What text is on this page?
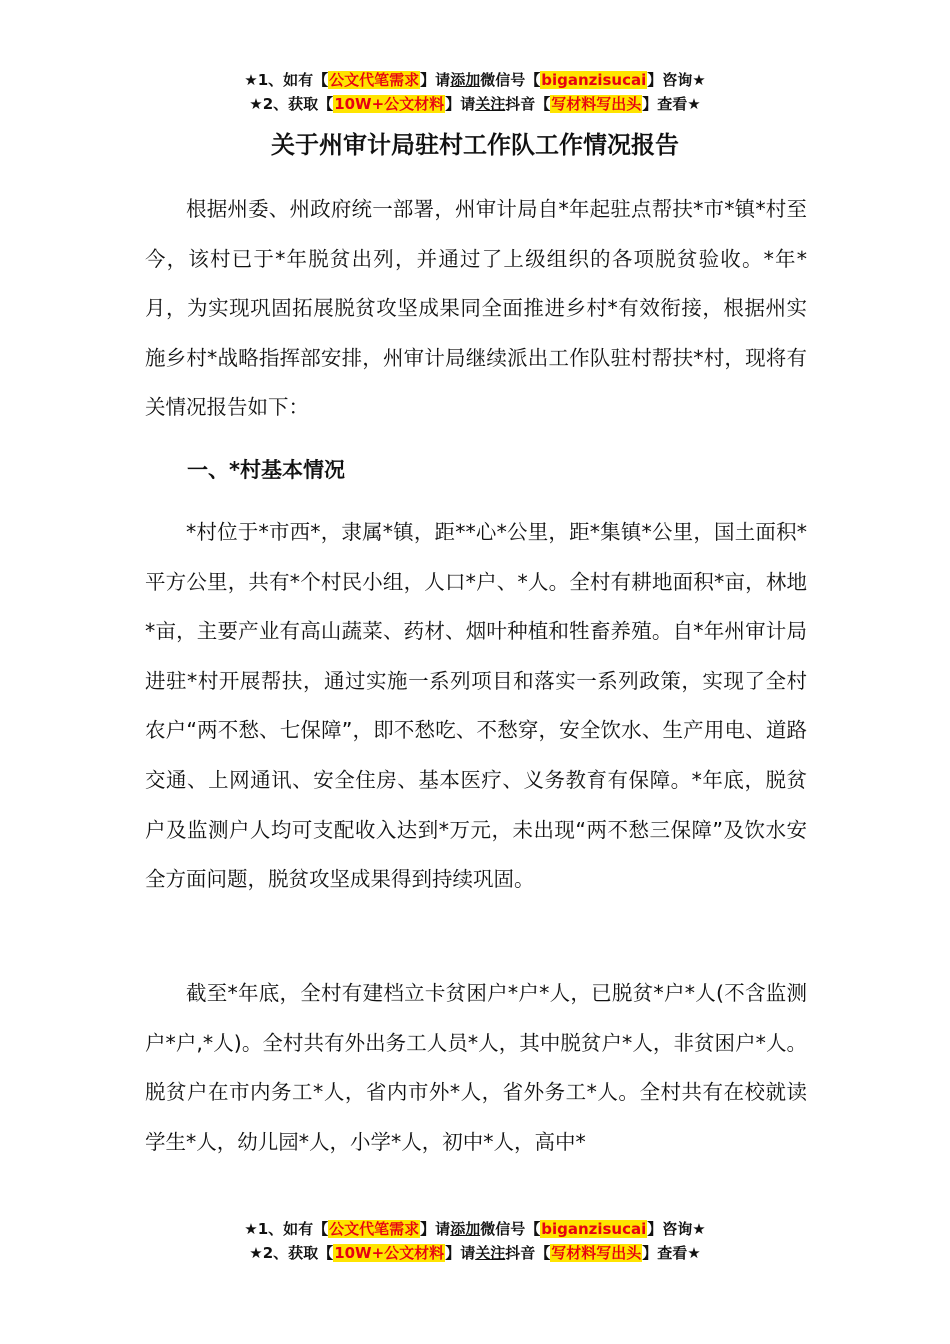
★1、如有【公文代笔需求】请添加微信号【biganzisucai】咨询★
★2、获取【10W+公文材料】请关注抖音【写材料写出头】查看★
关于州审计局驻村工作队工作情况报告

根据州委、州政府统一部署，州审计局自*年起驻点帮扶*市*镇*村至今，该村已于*年脱贫出列，并通过了上级组织的各项脱贫验收。*年*月，为实现巩固拓展脱贫攻坚成果同全面推进乡村*有效衔接，根据州实施乡村*战略指挥部安排，州审计局继续派出工作队驻村帮扶*村，现将有关情况报告如下：

一、*村基本情况

*村位于*市西*，隶属*镇，距**心*公里，距*集镇*公里，国土面积*平方公里，共有*个村民小组，人口*户、*人。全村有耕地面积*亩，林地*亩，主要产业有高山蔬菜、药材、烟叶种植和牲畜养殖。自*年州审计局进驻*村开展帮扶，通过实施一系列项目和落实一系列政策，实现了全村农户“两不愁、七保障”，即不愁吃、不愁穿，安全饮水、生产用电、道路交通、上网通讯、安全住房、基本医疗、义务教育有保障。*年底，脱贫户及监测户人均可支配收入达到*万元，未出现“两不愁三保障”及饮水安全方面问题，脱贫攻坚成果得到持续巩固。

截至*年底，全村有建档立卡贫困户*户*人，已脱贫*户*人(不含监测户*户,*人)。全村共有外出务工人员*人，其中脱贫户*人，非贫困户*人。脱贫户在市内务工*人，省内市外*人，省外务工*人。全村共有在校就读学生*人，幼儿园*人，小学*人，初中*人，高中*

★1、如有【公文代笔需求】请添加微信号【biganzisucai】咨询★
★2、获取【10W+公文材料】请关注抖音【写材料写出头】查看★
